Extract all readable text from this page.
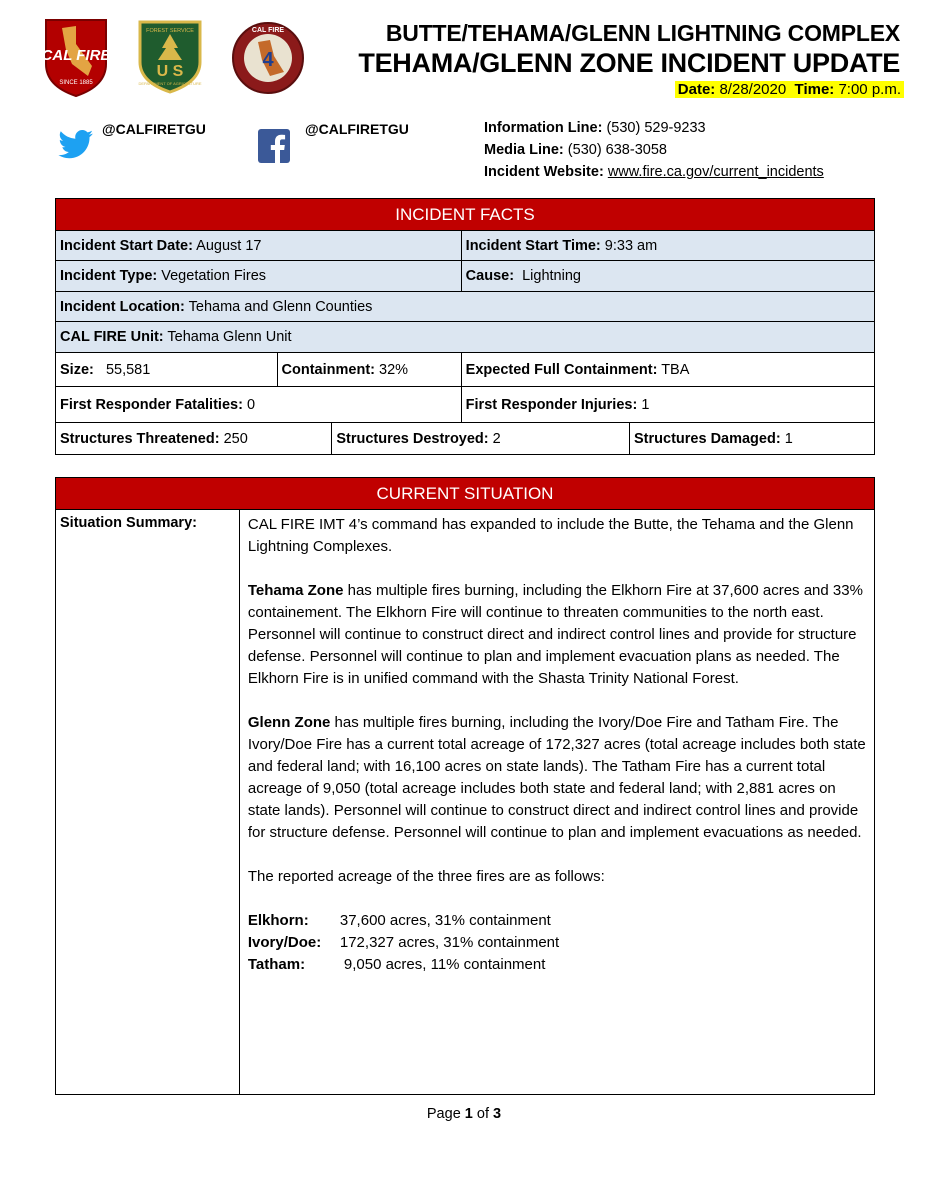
CAL FIRE
SINCE 1885
U S
FOREST SERVICE
DEPARTMENT OF AGRICULTURE
4
CAL FIRE	BUTTE/TEHAMA/GLENN LIGHTNING COMPLEX
TEHAMA/GLENN ZONE INCIDENT UPDATE
Date: 8/28/2020 Time: 7:00 p.m.
@CALFIRETGU	@CALFIRETGU	Information Line: (530) 529-9233
Media Line: (530) 638-3058
Incident Website: www.fire.ca.gov/current_incidents
INCIDENT FACTS				
Incident Start Date: August 17			Incident Start Time: 9:33 am	
Incident Type: Vegetation Fires			Cause: Lightning	
Incident Location: Tehama and Glenn Counties				
CAL FIRE Unit: Tehama Glenn Unit				
Size: 55,581	Containment: 32%		Expected Full Containment: TBA	
First Responder Fatalities: 0			First Responder Injuries: 1	
Structures Threatened: 250		Structures Destroyed: 2		Structures Damaged: 1
CURRENT SITUATION
Situation Summary:	CAL FIRE IMT 4’s command has expanded to include the Butte, the Tehama and the Glenn Lightning Complexes.

Tehama Zone has multiple fires burning, including the Elkhorn Fire at 37,600 acres and 33% containement. The Elkhorn Fire will continue to threaten communities to the north east. Personnel will continue to construct direct and indirect control lines and provide for structure defense. Personnel will continue to plan and implement evacuation plans as needed. The Elkhorn Fire is in unified command with the Shasta Trinity National Forest.

Glenn Zone has multiple fires burning, including the Ivory/Doe Fire and Tatham Fire. The Ivory/Doe Fire has a current total acreage of 172,327 acres (total acreage includes both state and federal land; with 16,100 acres on state lands). The Tatham Fire has a current total acreage of 9,050 (total acreage includes both state and federal land; with 2,881 acres on state lands). Personnel will continue to construct direct and indirect control lines and provide for structure defense. Personnel will continue to plan and implement evacuations as needed.

The reported acreage of the three fires are as follows:

Elkhorn: 37,600 acres, 31% containment
Ivory/Doe: 172,327 acres, 31% containment
Tatham:	9,050 acres, 11% containment
Page 1 of 3
